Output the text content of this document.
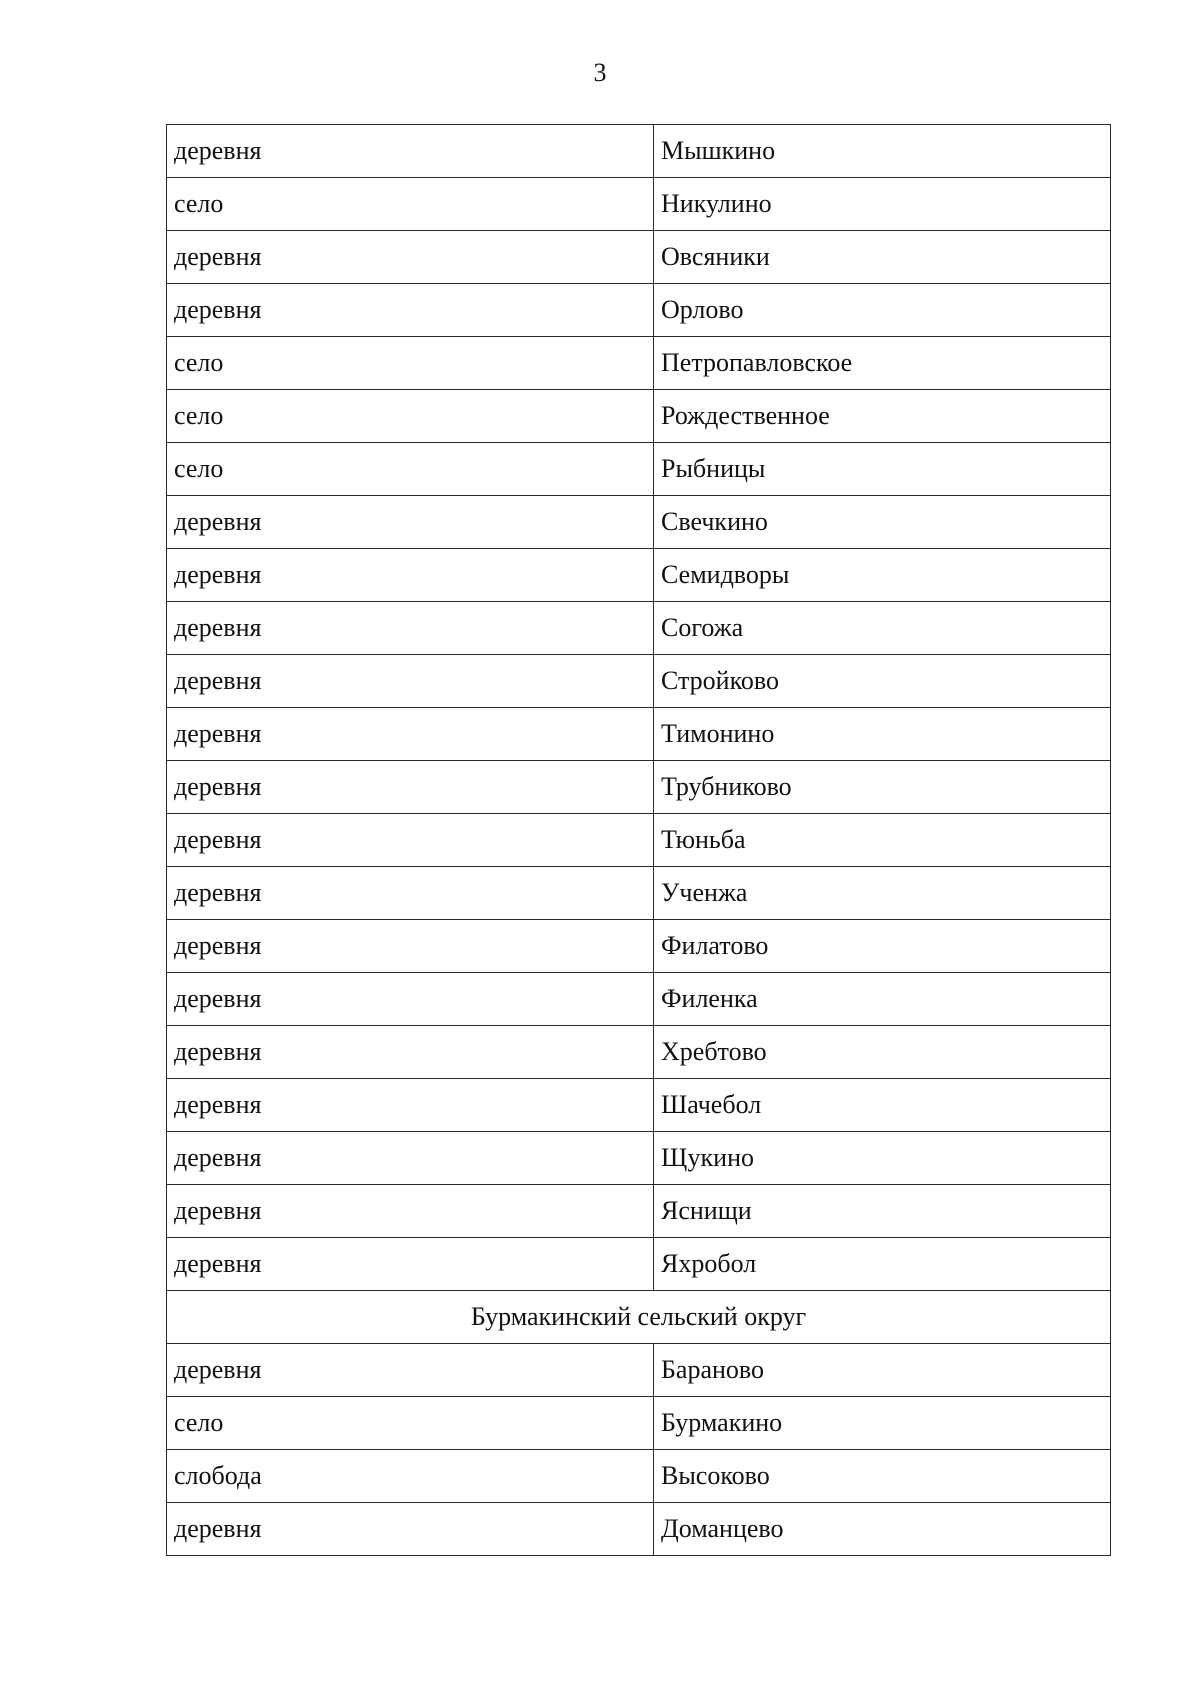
3
деревня	Мышкино
село	Никулино
деревня	Овсяники
деревня	Орлово
село	Петропавловское
село	Рождественное
село	Рыбницы
деревня	Свечкино
деревня	Семидворы
деревня	Согожа
деревня	Стройково
деревня	Тимонино
деревня	Трубниково
деревня	Тюньба
деревня	Ученжа
деревня	Филатово
деревня	Филенка
деревня	Хребтово
деревня	Шачебол
деревня	Щукино
деревня	Яснищи
деревня	Яхробол
Бурмакинский сельский округ	
деревня	Бараново
село	Бурмакино
слобода	Высоково
деревня	Доманцево
